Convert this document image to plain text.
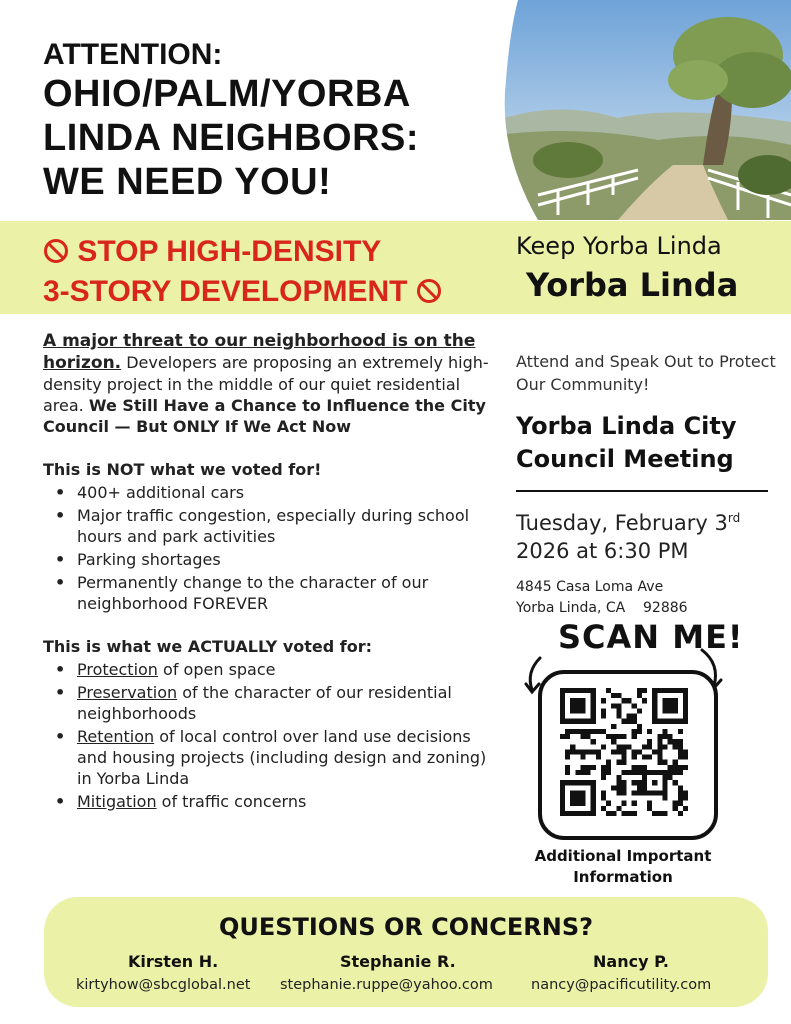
ATTENTION:
OHIO/PALM/YORBA
LINDA NEIGHBORS:
WE NEED YOU!
STOP HIGH-DENSITY
3-STORY DEVELOPMENT
Keep Yorba Linda
Yorba Linda

A major threat to our neighborhood is on the horizon. Developers are proposing an extremely high-density project in the middle of our quiet residential area. We Still Have a Chance to Influence the City Council — But ONLY If We Act Now

This is NOT what we voted for!
• 400+ additional cars
• Major traffic congestion, especially during school hours and park activities
• Parking shortages
• Permanently change to the character of our neighborhood FOREVER
This is what we ACTUALLY voted for:
• Protection of open space
• Preservation of the character of our residential neighborhoods
• Retention of local control over land use decisions and housing projects (including design and zoning) in Yorba Linda
• Mitigation of traffic concerns
Attend and Speak Out to Protect Our Community!
Yorba Linda City
Council Meeting
Tuesday, February 3rd
2026 at 6:30 PM
4845 Casa Loma Ave
Yorba Linda, CA    92886
SCAN ME!
Additional Important
Information
QUESTIONS OR CONCERNS?
Kirsten H.	Stephanie R.	Nancy P.
kirtyhow@sbcglobal.net stephanie.ruppe@yahoo.com	nancy@pacificutility.com
